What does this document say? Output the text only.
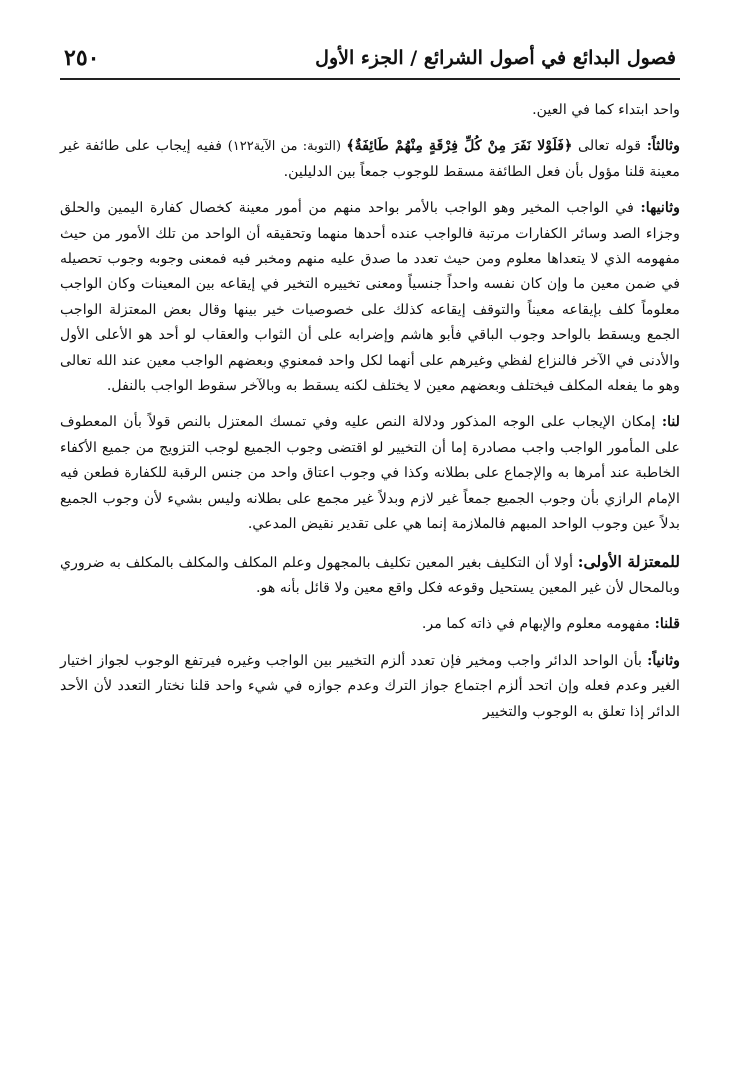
فصول البدائع في أصول الشرائع / الجزء الأول
٢٥٠

واحد ابتداء كما في العين.

وثالثاً: قوله تعالى ﴿فَلَوْلا نَفَرَ مِنْ كُلِّ فِرْقَةٍ مِنْهُمْ طَائِفَةٌ﴾ (التوبة: من الآية١٢٢) ففيه إيجاب على طائفة غير معينة قلنا مؤول بأن فعل الطائفة مسقط للوجوب جمعاً بين الدليلين.

وثانيها: في الواجب المخير وهو الواجب بالأمر بواحد منهم من أمور معينة كخصال كفارة اليمين والحلق وجزاء الصد وسائر الكفارات مرتبة فالواجب عنده أحدها منهما وتحقيقه أن الواحد من تلك الأمور من حيث مفهومه الذي لا يتعداها معلوم ومن حيث تعدد ما صدق عليه منهم ومخبر فيه فمعنى وجوبه وجوب تحصيله في ضمن معين ما وإن كان نفسه واحداً جنسياً ومعنى تخييره التخير في إيقاعه بين المعينات وكان الواجب معلوماً كلف بإيقاعه معيناً والتوقف إيقاعه كذلك على خصوصيات خير بينها وقال بعض المعتزلة الواجب الجمع ويسقط بالواحد وجوب الباقي فأبو هاشم وإضرابه على أن الثواب والعقاب لو أحد هو الأعلى الأول والأدنى في الآخر فالنزاع لفظي وغيرهم على أنهما لكل واحد فمعنوي وبعضهم الواجب معين عند الله تعالى وهو ما يفعله المكلف فيختلف وبعضهم معين لا يختلف لكنه يسقط به وبالآخر سقوط الواجب بالنفل.

لنا: إمكان الإيجاب على الوجه المذكور ودلالة النص عليه وفي تمسك المعتزل بالنص قولاً بأن المعطوف على المأمور الواجب واجب مصادرة إما أن التخيير لو اقتضى وجوب الجميع لوجب التزويج من جميع الأكفاء الخاطبة عند أمرها به والإجماع على بطلانه وكذا في وجوب اعتاق واحد من جنس الرقبة للكفارة فطعن فيه الإمام الرازي بأن وجوب الجميع جمعاً غير لازم وبدلاً غير مجمع على بطلانه وليس بشيء لأن وجوب الجميع بدلاً عين وجوب الواحد المبهم فالملازمة إنما هي على تقدير نقيض المدعي.

للمعتزلة الأولى: أولا أن التكليف بغير المعين تكليف بالمجهول وعلم المكلف والمكلف بالمكلف به ضروري وبالمحال لأن غير المعين يستحيل وقوعه فكل واقع معين ولا قائل بأنه هو.

قلنا: مفهومه معلوم والإبهام في ذاته كما مر.

وثانياً: بأن الواحد الدائر واجب ومخير فإن تعدد ألزم التخيير بين الواجب وغيره فيرتفع الوجوب لجواز اختيار الغير وعدم فعله وإن اتحد ألزم اجتماع جواز الترك وعدم جوازه في شيء واحد قلنا نختار التعدد لأن الأحد الدائر إذا تعلق به الوجوب والتخيير
